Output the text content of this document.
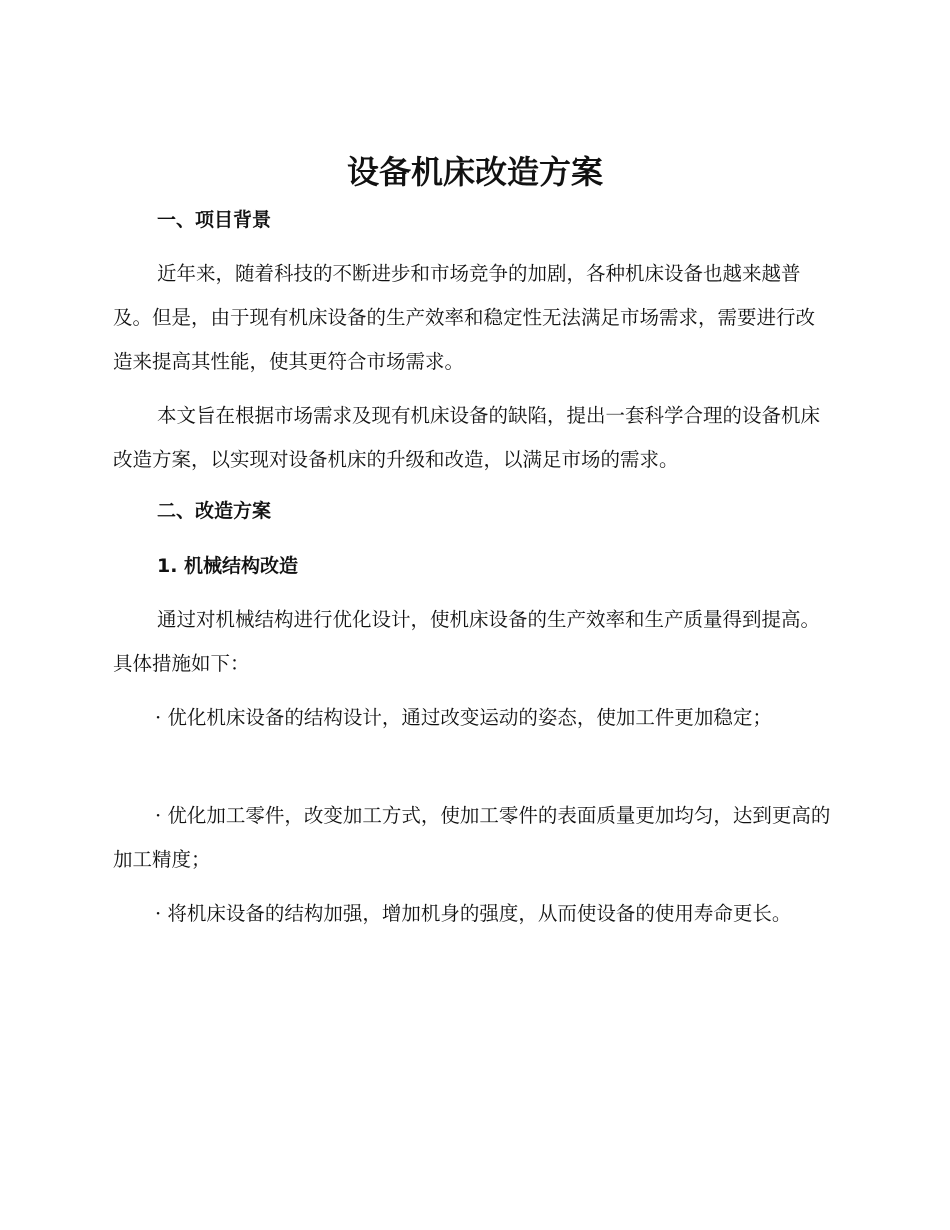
设备机床改造方案
一、项目背景

近年来，随着科技的不断进步和市场竞争的加剧，各种机床设备也越来越普及。但是，由于现有机床设备的生产效率和稳定性无法满足市场需求，需要进行改造来提高其性能，使其更符合市场需求。

本文旨在根据市场需求及现有机床设备的缺陷，提出一套科学合理的设备机床改造方案，以实现对设备机床的升级和改造，以满足市场的需求。

二、改造方案
1. 机械结构改造

通过对机械结构进行优化设计，使机床设备的生产效率和生产质量得到提高。具体措施如下：

· 优化机床设备的结构设计，通过改变运动的姿态，使加工件更加稳定；

· 优化加工零件，改变加工方式，使加工零件的表面质量更加均匀，达到更高的加工精度；

· 将机床设备的结构加强，增加机身的强度，从而使设备的使用寿命更长。
